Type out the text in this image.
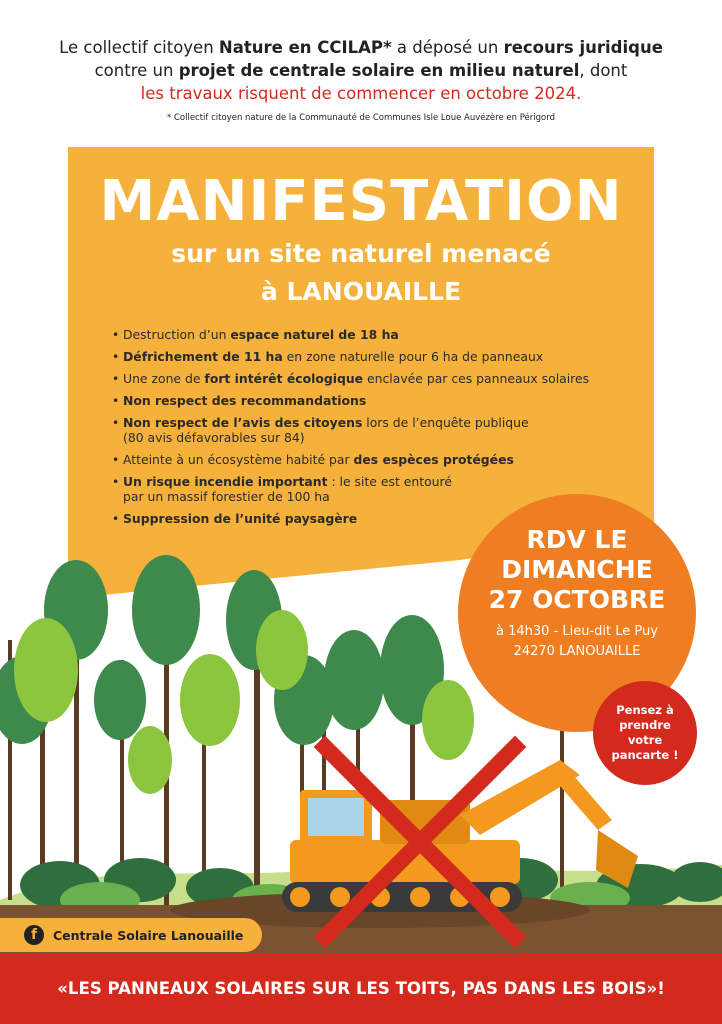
Le collectif citoyen Nature en CCILAP* a déposé un recours juridique
contre un projet de centrale solaire en milieu naturel, dont
les travaux risquent de commencer en octobre 2024.
* Collectif citoyen nature de la Communauté de Communes Isle Loue Auvézère en Périgord
MANIFESTATION
sur un site naturel menacé
à LANOUAILLE
• Destruction d’un espace naturel de 18 ha
• Défrichement de 11 ha en zone naturelle pour 6 ha de panneaux
• Une zone de fort intérêt écologique enclavée par ces panneaux solaires
• Non respect des recommandations
• Non respect de l’avis des citoyens lors de l’enquête publique
(80 avis défavorables sur 84)
• Atteinte à un écosystème habité par des espèces protégées
• Un risque incendie important : le site est entouré
par un massif forestier de 100 ha
• Suppression de l’unité paysagère
RDV LE
DIMANCHE
27 OCTOBRE
à 14h30 - Lieu-dit Le Puy
24270 LANOUAILLE
Pensez à prendre votre pancarte !
f	Centrale Solaire Lanouaille
«LES PANNEAUX SOLAIRES SUR LES TOITS, PAS DANS LES BOIS»!
